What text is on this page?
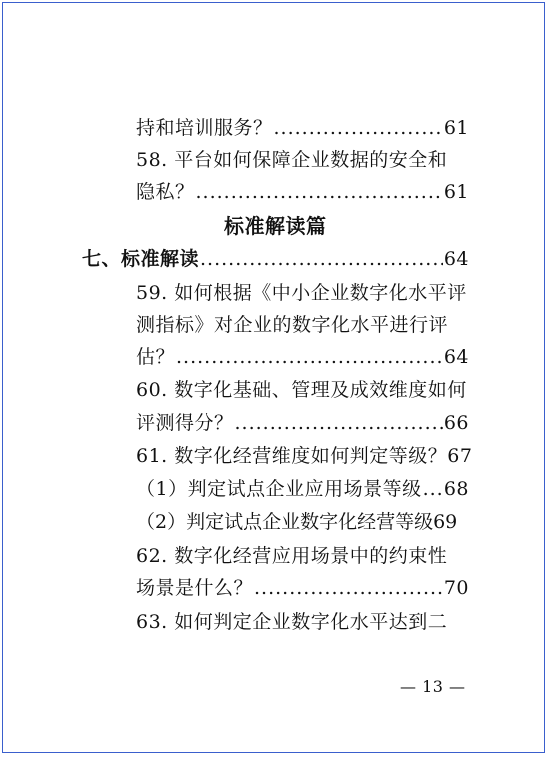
持和培训服务？ .....	61
58. 平台如何保障企业数据的安全和
隐私？ .....	61
标准解读篇
七、标准解读 .....	64
59. 如何根据《中小企业数字化水平评
测指标》对企业的数字化水平进行评
估？ .....	64
60. 数字化基础、管理及成效维度如何
评测得分？ .....	66
61. 数字化经营维度如何判定等级？67
（1）判定试点企业应用场景等级 ..... 68
（2）判定试点企业数字化经营等级69
62. 数字化经营应用场景中的约束性
场景是什么？ .....	70
63. 如何判定企业数字化水平达到二
— 13 —
